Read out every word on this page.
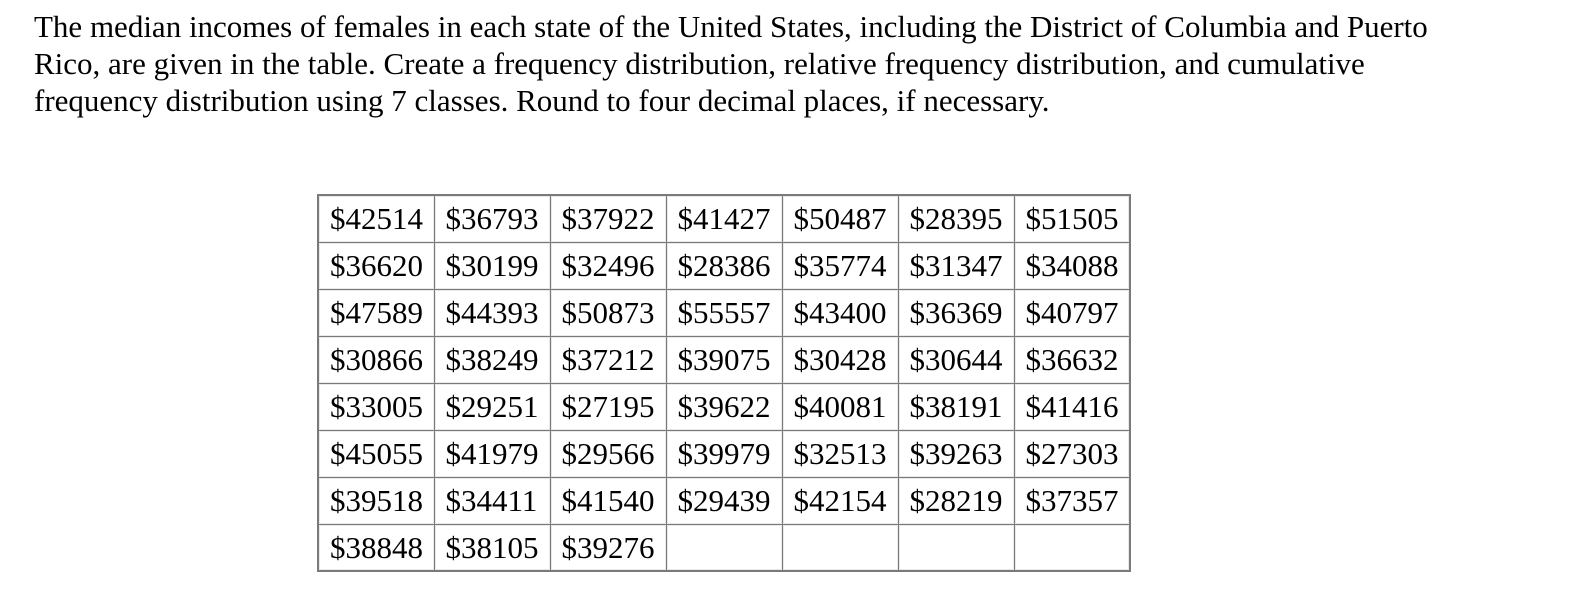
The median incomes of females in each state of the United States, including the District of Columbia and Puerto Rico, are given in the table. Create a frequency distribution, relative frequency distribution, and cumulative frequency distribution using 7 classes. Round to four decimal places, if necessary.

$42514	$36793	$37922	$41427	$50487	$28395	$51505
$36620	$30199	$32496	$28386	$35774	$31347	$34088
$47589	$44393	$50873	$55557	$43400	$36369	$40797
$30866	$38249	$37212	$39075	$30428	$30644	$36632
$33005	$29251	$27195	$39622	$40081	$38191	$41416
$45055	$41979	$29566	$39979	$32513	$39263	$27303
$39518	$34411	$41540	$29439	$42154	$28219	$37357
$38848	$38105	$39276				
